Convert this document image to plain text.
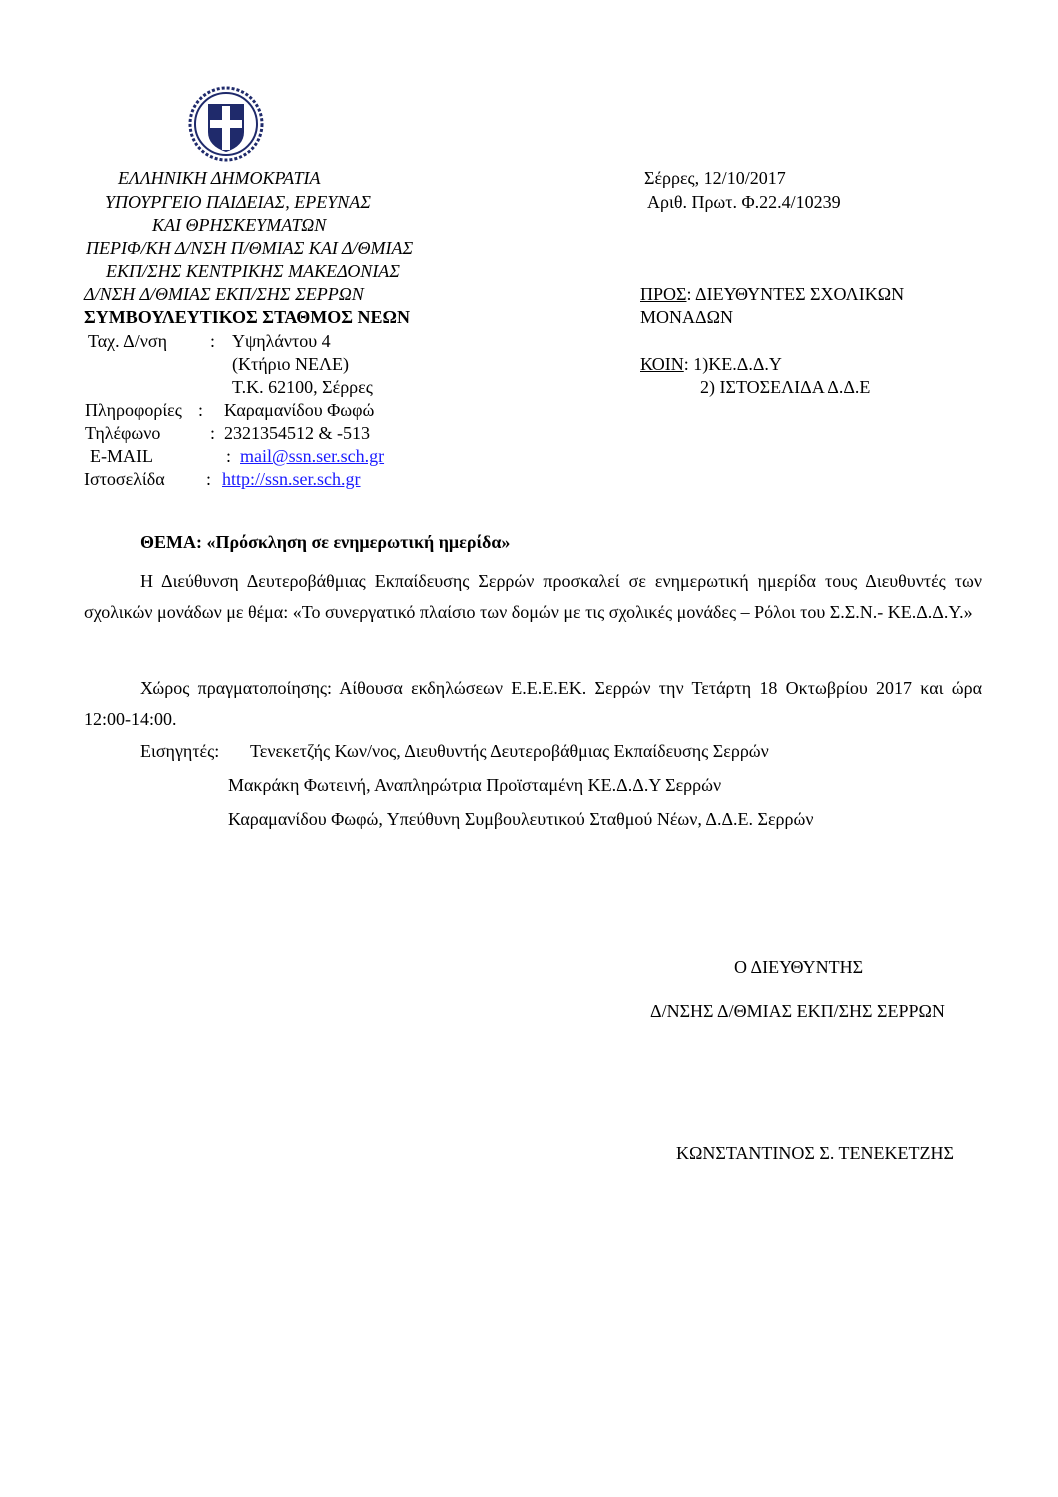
ΕΛΛΗΝΙΚΗ ΔΗΜΟΚΡΑΤΙΑ
ΥΠΟΥΡΓΕΙΟ ΠΑΙΔΕΙΑΣ, ΕΡΕΥΝΑΣ
ΚΑΙ ΘΡΗΣΚΕΥΜΑΤΩΝ
ΠΕΡΙΦ/ΚΗ Δ/ΝΣΗ Π/ΘΜΙΑΣ ΚΑΙ Δ/ΘΜΙΑΣ
ΕΚΠ/ΣΗΣ ΚΕΝΤΡΙΚΗΣ ΜΑΚΕΔΟΝΙΑΣ
Δ/ΝΣΗ Δ/ΘΜΙΑΣ ΕΚΠ/ΣΗΣ ΣΕΡΡΩΝ
ΣΥΜΒΟΥΛΕΥΤΙΚΟΣ ΣΤΑΘΜΟΣ ΝΕΩΝ
Ταχ. Δ/νση : Υψηλάντου 4
(Κτήριο ΝΕΛΕ)
Τ.Κ. 62100, Σέρρες
Πληροφορίες : Καραμανίδου Φωφώ
Τηλέφωνο	: 2321354512 & -513
E-MAIL	: mail@ssn.ser.sch.gr
Ιστοσελίδα : http://ssn.ser.sch.gr
Σέρρες, 12/10/2017
Αριθ. Πρωτ. Φ.22.4/10239
ΠΡΟΣ: ΔΙΕΥΘΥΝΤΕΣ ΣΧΟΛΙΚΩΝ
ΜΟΝΑΔΩΝ
ΚΟΙΝ: 1)ΚΕ.Δ.Δ.Υ
2) ΙΣΤΟΣΕΛΙΔΑ Δ.Δ.Ε
ΘΕΜΑ: «Πρόσκληση σε ενημερωτική ημερίδα»
Η Διεύθυνση Δευτεροβάθμιας Εκπαίδευσης Σερρών προσκαλεί σε ενημερωτική ημερίδα τους Διευθυντές των σχολικών μονάδων με θέμα: «Το συνεργατικό πλαίσιο των δομών με τις σχολικές μονάδες – Ρόλοι του Σ.Σ.Ν.- ΚΕ.Δ.Δ.Υ.»
Χώρος πραγματοποίησης: Αίθουσα εκδηλώσεων Ε.Ε.Ε.ΕΚ. Σερρών την Τετάρτη 18 Οκτωβρίου 2017 και ώρα 12:00-14:00.
Εισηγητές: Τενεκετζής Κων/νος, Διευθυντής Δευτεροβάθμιας Εκπαίδευσης Σερρών
Μακράκη Φωτεινή, Αναπληρώτρια Προϊσταμένη ΚΕ.Δ.Δ.Υ Σερρών
Καραμανίδου Φωφώ, Υπεύθυνη Συμβουλευτικού Σταθμού Νέων, Δ.Δ.Ε. Σερρών
Ο ΔΙΕΥΘΥΝΤΗΣ
Δ/ΝΣΗΣ Δ/ΘΜΙΑΣ ΕΚΠ/ΣΗΣ ΣΕΡΡΩΝ
ΚΩΝΣΤΑΝΤΙΝΟΣ Σ. ΤΕΝΕΚΕΤΖΗΣ
